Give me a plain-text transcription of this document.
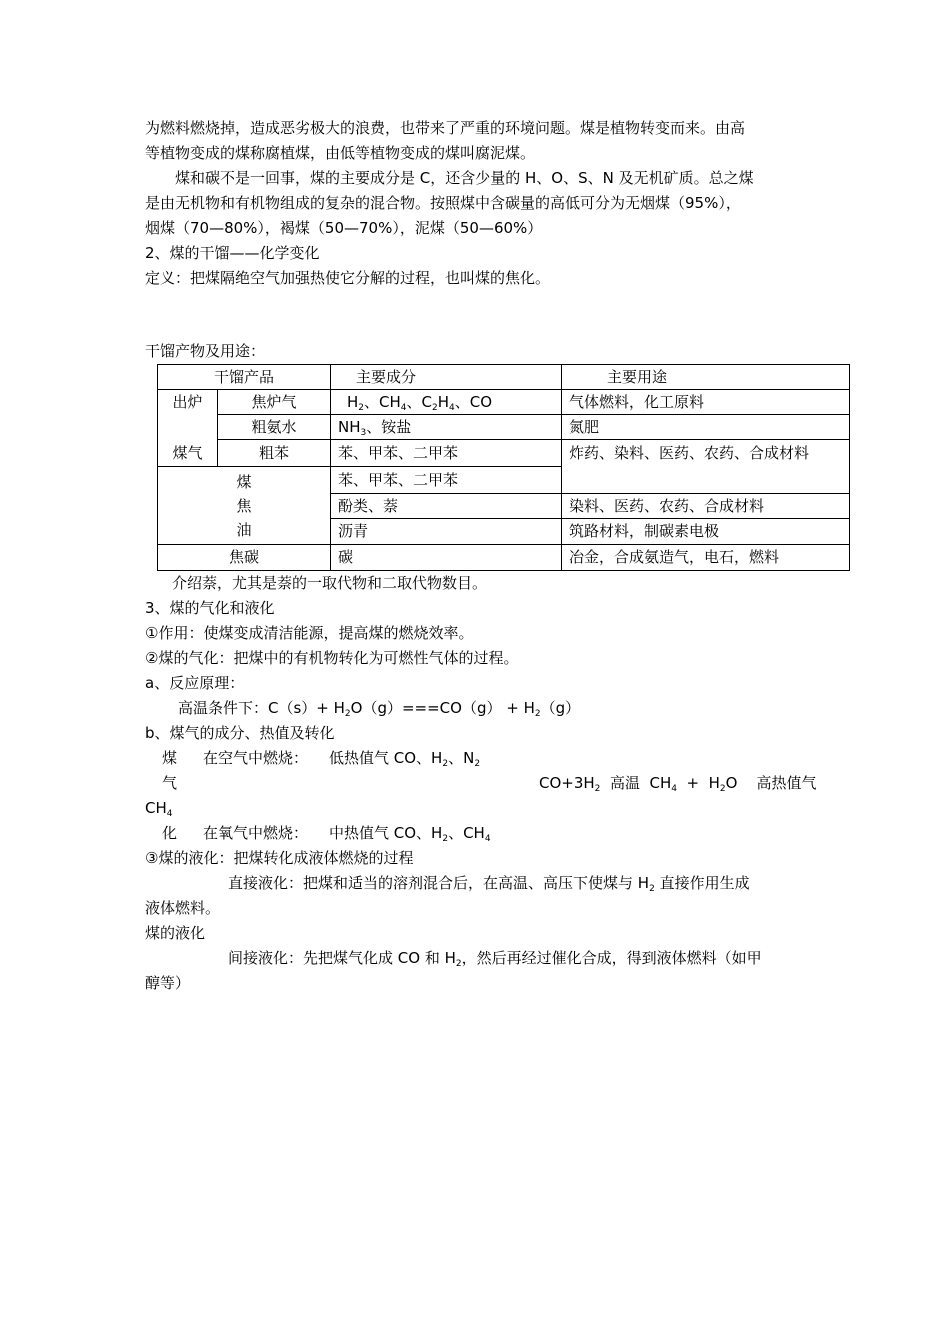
为燃料燃烧掉，造成恶劣极大的浪费，也带来了严重的环境问题。煤是植物转变而来。由高
等植物变成的煤称腐植煤，由低等植物变成的煤叫腐泥煤。
煤和碳不是一回事，煤的主要成分是 C，还含少量的 H、O、S、N 及无机矿质。总之煤
是由无机物和有机物组成的复杂的混合物。按照煤中含碳量的高低可分为无烟煤（95%），
烟煤（70—80%），褐煤（50—70%），泥煤（50—60%）
2、煤的干馏——化学变化
定义：把煤隔绝空气加强热使它分解的过程，也叫煤的焦化。
干馏产物及用途：
干馏产品		主要成分	主要用途

出炉
煤气	焦炉气	$H_2$、$CH_4$、$C_2H_4$、CO	气体燃料，化工原料
	粗氨水	$NH_3$、铵盐	氮肥
	粗苯	苯、甲苯、二甲苯	炸药、染料、医药、农药、合成材料

煤
焦
油		苯、甲苯、二甲苯	
		酚类、萘	染料、医药、农药、合成材料
		沥青	筑路材料，制碳素电极
焦碳		碳	冶金，合成氨造气，电石，燃料
介绍萘，尤其是萘的一取代物和二取代物数目。
3、煤的气化和液化
①作用：使煤变成清洁能源，提高煤的燃烧效率。
②煤的气化：把煤中的有机物转化为可燃性气体的过程。
a、反应原理：
高温条件下：$C(s)+ H_2O(g)===CO(g) + H_2(g)$
b、煤气的成分、热值及转化
煤 在空气中燃烧： 低热值气 CO、$H_2$、$N_2$
气	$CO+3H_2$  高温  $CH_4 + H_2O$    高热值气
$CH_4$
化 在氧气中燃烧： 中热值气 CO、$H_2$、$CH_4$
③煤的液化：把煤转化成液体燃烧的过程
直接液化：把煤和适当的溶剂混合后，在高温、高压下使煤与 $H_2$ 直接作用生成
液体燃料。
煤的液化
间接液化：先把煤气化成 CO 和 $H_2$，然后再经过催化合成，得到液体燃料（如甲
醇等）
